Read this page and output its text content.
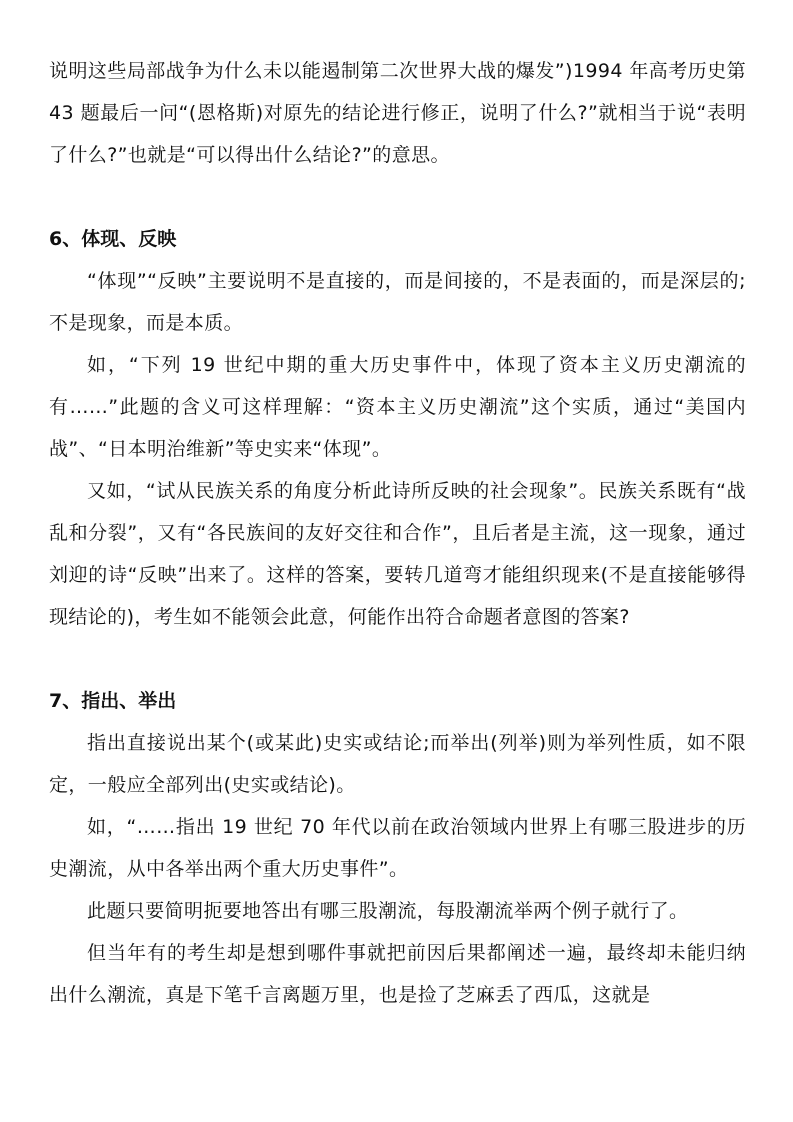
说明这些局部战争为什么未以能遏制第二次世界大战的爆发”)1994 年高考历史第 43 题最后一问“(恩格斯)对原先的结论进行修正，说明了什么?”就相当于说“表明了什么?”也就是“可以得出什么结论?”的意思。

6、体现、反映

“体现”“反映”主要说明不是直接的，而是间接的，不是表面的，而是深层的;不是现象，而是本质。

如，“下列 19 世纪中期的重大历史事件中，体现了资本主义历史潮流的有……”此题的含义可这样理解：“资本主义历史潮流”这个实质，通过“美国内战”、“日本明治维新”等史实来“体现”。

又如，“试从民族关系的角度分析此诗所反映的社会现象”。民族关系既有“战乱和分裂”，又有“各民族间的友好交往和合作”，且后者是主流，这一现象，通过刘迎的诗“反映”出来了。这样的答案，要转几道弯才能组织现来(不是直接能够得现结论的)，考生如不能领会此意，何能作出符合命题者意图的答案?

7、指出、举出

指出直接说出某个(或某此)史实或结论;而举出(列举)则为举列性质，如不限定，一般应全部列出(史实或结论)。

如，“……指出 19 世纪 70 年代以前在政治领域内世界上有哪三股进步的历史潮流，从中各举出两个重大历史事件”。

此题只要简明扼要地答出有哪三股潮流，每股潮流举两个例子就行了。

但当年有的考生却是想到哪件事就把前因后果都阐述一遍，最终却未能归纳出什么潮流，真是下笔千言离题万里，也是捡了芝麻丢了西瓜，这就是
